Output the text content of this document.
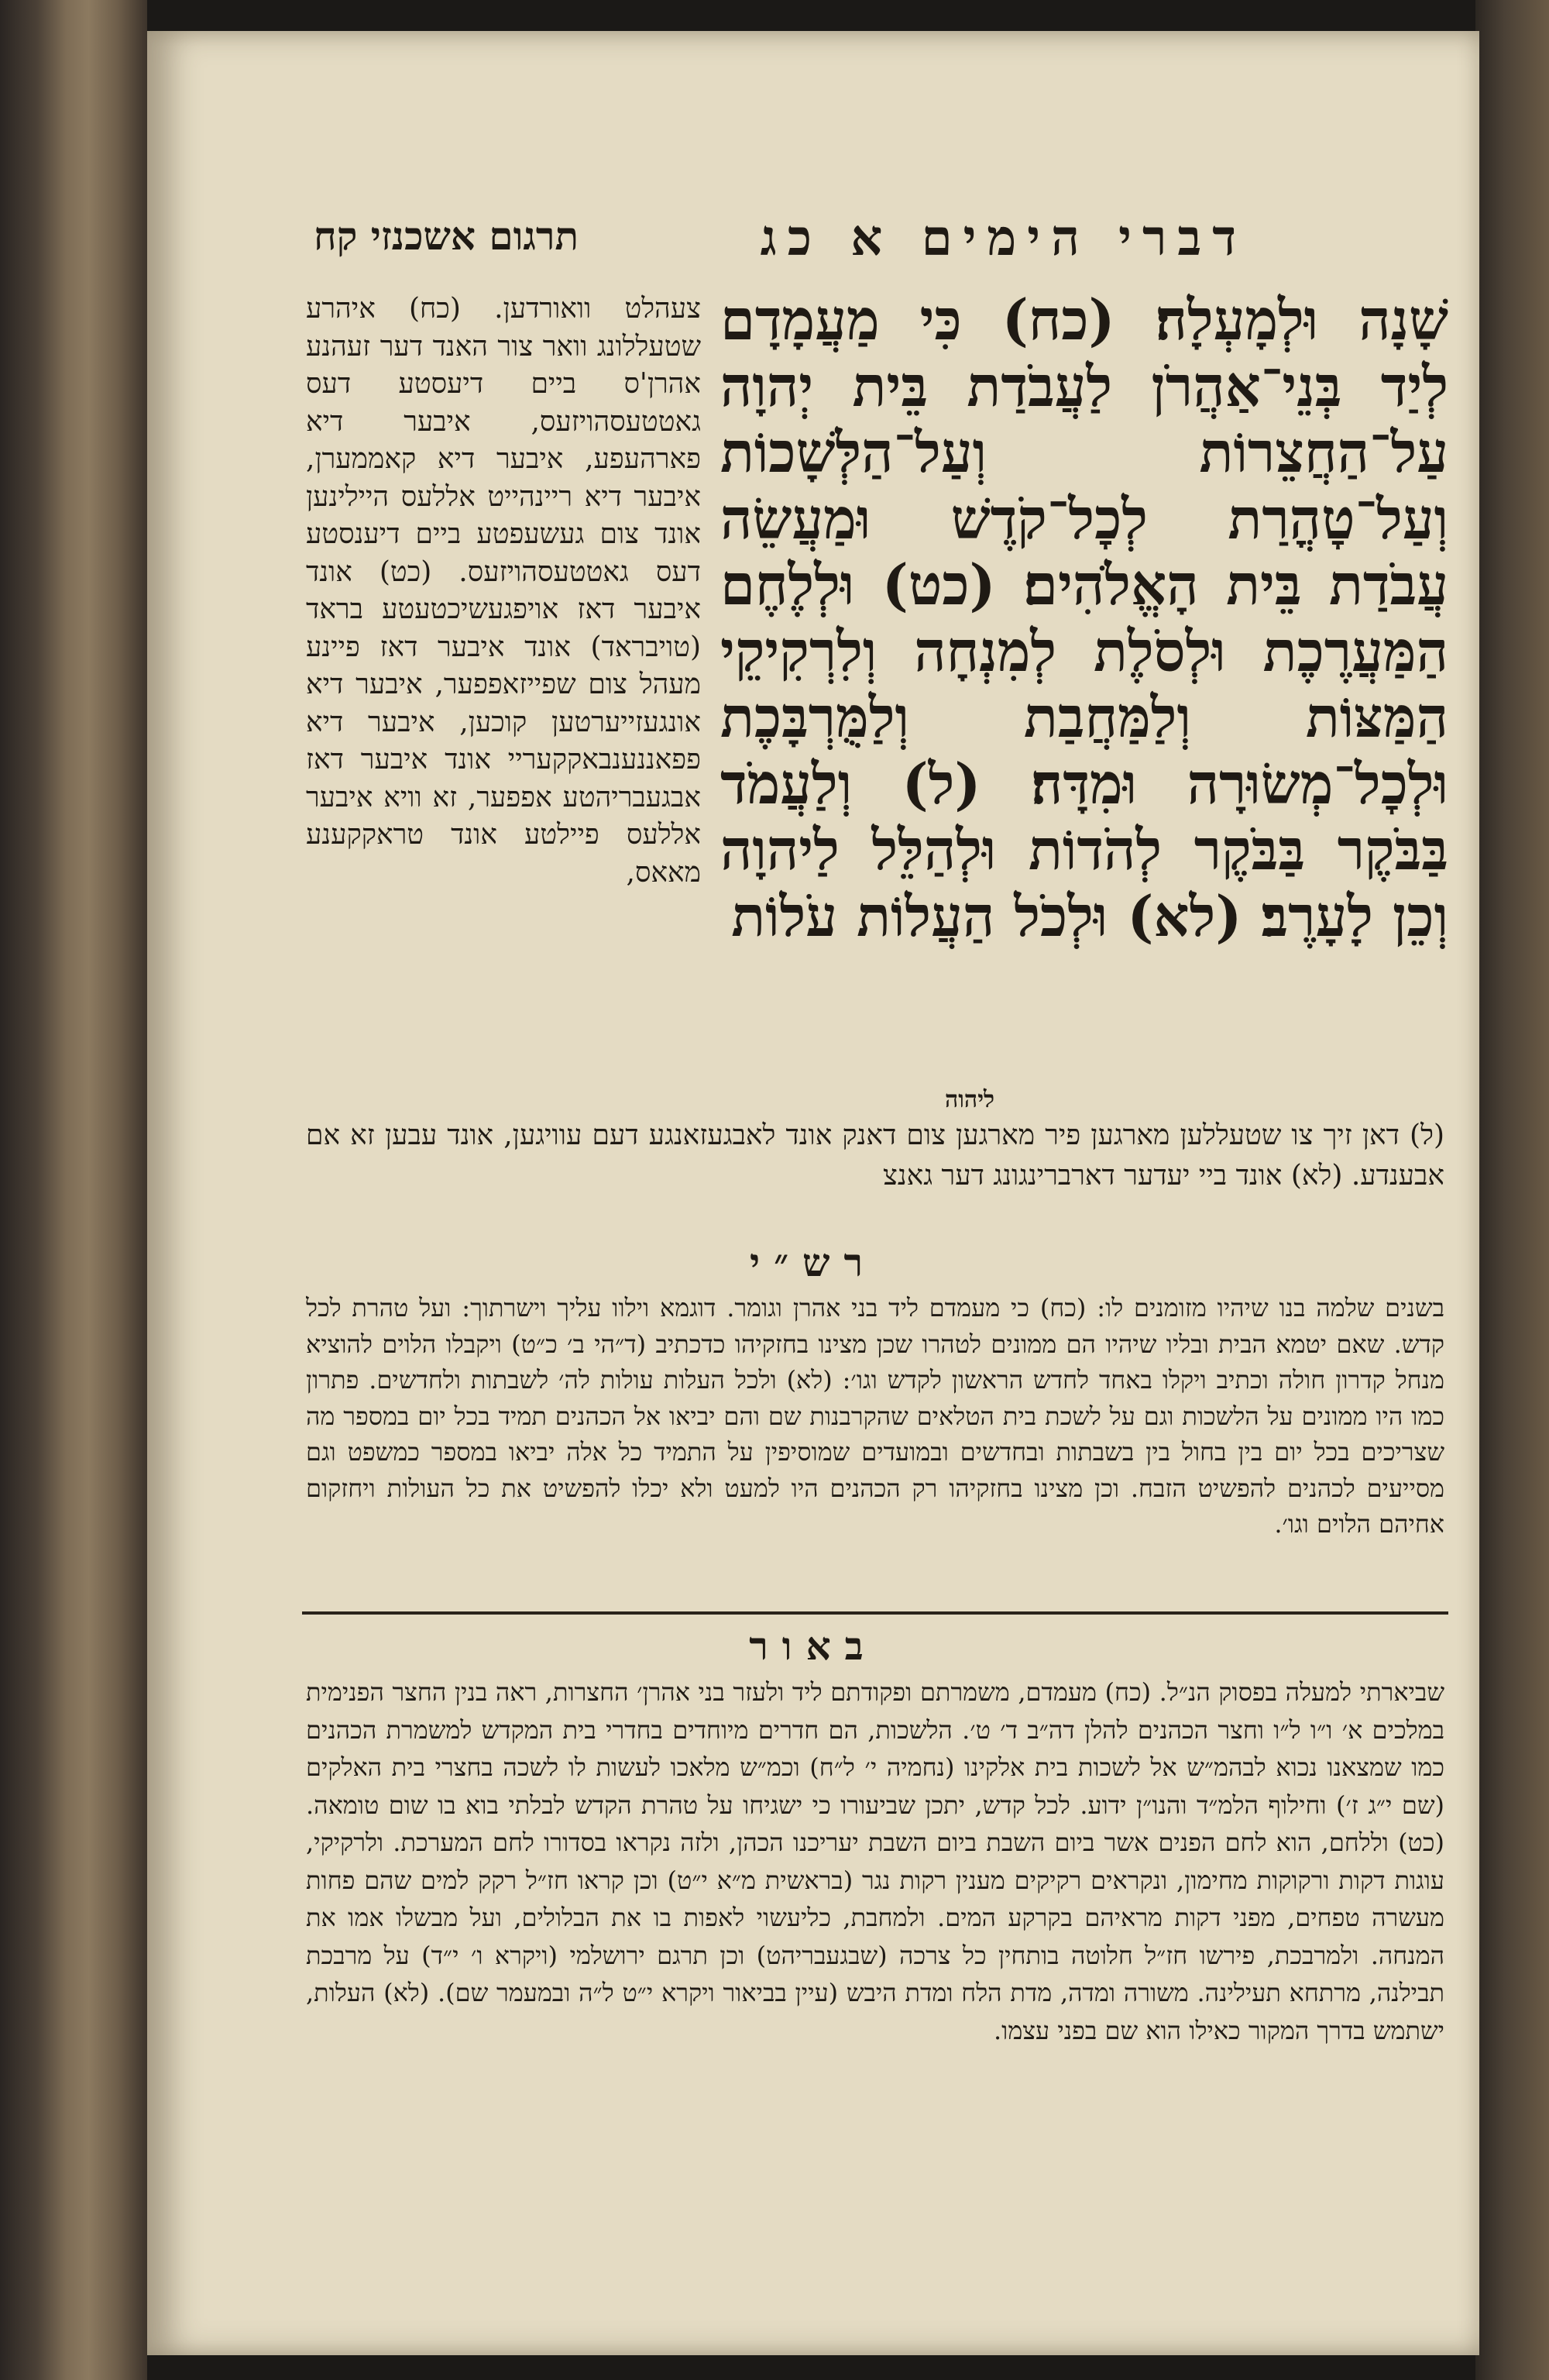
דברי הימים א כג
תרגום אשכנזי קח
שָׁנָה וּלְמָעְלָה׃ (כח) כִּי מַעֲמָדָם לְיַד בְּנֵי־אַהֲרֹן לַעֲבֹדַת בֵּית יְהוָה עַל־הַחֲצֵרוֹת וְעַל־הַלְּשָׁכוֹת וְעַל־טׇהֳרַת לְכׇל־קֹדֶשׁ וּמַעֲשֵׂה עֲבֹדַת בֵּית הָאֱלֹהִים׃ (כט) וּלְלֶחֶם הַמַּעֲרֶכֶת וּלְסֹלֶת לְמִנְחָה וְלִרְקִיקֵי הַמַּצּוֹת וְלַמַּחֲבַת וְלַמֻּרְבָּכֶת וּלְכׇל־מְשׂוּרָה וּמִדָּה׃ (ל) וְלַעֲמֹד בַּבֹּקֶר בַּבֹּקֶר לְהֹדוֹת וּלְהַלֵּל לַיהוָה וְכֵן לָעָרֶב׃ (לא) וּלְכֹל הַעֲלוֹת עֹלוֹת
צעהלט וואורדען. (כח) איהרע שטעללונג וואר צור האנד דער זעהנע אהרן'ס ביים דיעסטע דעס גאטטעסהויזעס, איבער דיא פארהעפע, איבער דיא קאממערן, איבער דיא ריינהייט אללעס היילינען אונד צום געשעפטע ביים דיענסטע דעס גאטטעסהויזעס. (כט) אונד איבער דאז אויפגעשיכטעטע בראד (טויבראד) אונד איבער דאז פיינע מעהל צום שפייזאפפער, איבער דיא אונגעזייערטען קוכען, איבער דיא פפאננענבאקקעריי אונד איבער דאז אבגעבריהטע אפפער, זא וויא איבער אללעס פיילטע אונד טראקקענע מאאס,
ליהוה
(ל) דאן זיך צו שטעללען מארגען פיר מארגען צום דאנק אונד לאבגעזאנגע דעם עוויגען, אונד עבען זא אם אבענדע. (לא) אונד ביי יעדער דארברינגונג דער גאנצ
רש״י
בשנים שלמה בנו שיהיו מזומנים לו: (כח) כי מעמדם ליד בני אהרן וגומר. דוגמא וילוו עליך וישרתוך: ועל טהרת לכל קדש. שאם יטמא הבית ובליו שיהיו הם ממונים לטהרו שכן מצינו בחזקיהו כדכתיב (ד״הי ב׳ כ״ט) ויקבלו הלוים להוציא מנחל קדרון חולה וכתיב ויקלו באחד לחדש הראשון לקדש וגו׳: (לא) ולכל העלות עולות לה׳ לשבתות ולחדשים. פתרון כמו היו ממונים על הלשכות וגם על לשכת בית הטלאים שהקרבנות שם והם יביאו אל הכהנים תמיד בכל יום במספר מה שצריכים בכל יום בין בחול בין בשבתות ובחדשים ובמועדים שמוסיפין על התמיד כל אלה יביאו במספר כמשפט וגם מסייעים לכהנים להפשיט הזבח. וכן מצינו בחזקיהו רק הכהנים היו למעט ולא יכלו להפשיט את כל העולות ויחזקום אחיהם הלוים וגו׳.
באור
שביארתי למעלה בפסוק הנ״ל. (כח) מעמדם, משמרתם ופקודתם ליד ולעזר בני אהרן׳ החצרות, ראה בנין החצר הפנימית במלכים א׳ ו״ו ל״ו וחצר הכהנים להלן דה״ב ד׳ ט׳. הלשכות, הם חדרים מיוחדים בחדרי בית המקדש למשמרת הכהנים כמו שמצאנו נכוא לבהמ״ש אל לשכות בית אלקינו (נחמיה י׳ ל״ח) וכמ״ש מלאכו לעשות לו לשכה בחצרי בית האלקים (שם י״ג ז׳) וחילוף הלמ״ד והנו״ן ידוע. לכל קדש, יתכן שביעורו כי ישגיחו על טהרת הקדש לבלתי בוא בו שום טומאה. (כט) וללחם, הוא לחם הפנים אשר ביום השבת ביום השבת יעריכנו הכהן, ולזה נקראו בסדורו לחם המערכת. ולרקיקי, עוגות דקות ורקוקות מחימון, ונקראים רקיקים מענין רקות נגר (בראשית מ״א י״ט) וכן קראו חז״ל רקק למים שהם פחות מעשרה טפחים, מפני דקות מראיהם בקרקע המים. ולמחבת, כליעשוי לאפות בו את הבלולים, ועל מבשלו אמו את המנחה. ולמרבכת, פירשו חז״ל חלוטה בותחין כל צרכה (שבגעבריהט) וכן תרגם ירושלמי (ויקרא ו׳ י״ד) על מרבכת תבילנה, מרתחא תעילינה. משורה ומדה, מדת הלח ומדת היבש (עיין בביאור ויקרא י״ט ל״ה ובמעמר שם). (לא) העלות, ישתמש בדרך המקור כאילו הוא שם בפני עצמו.
